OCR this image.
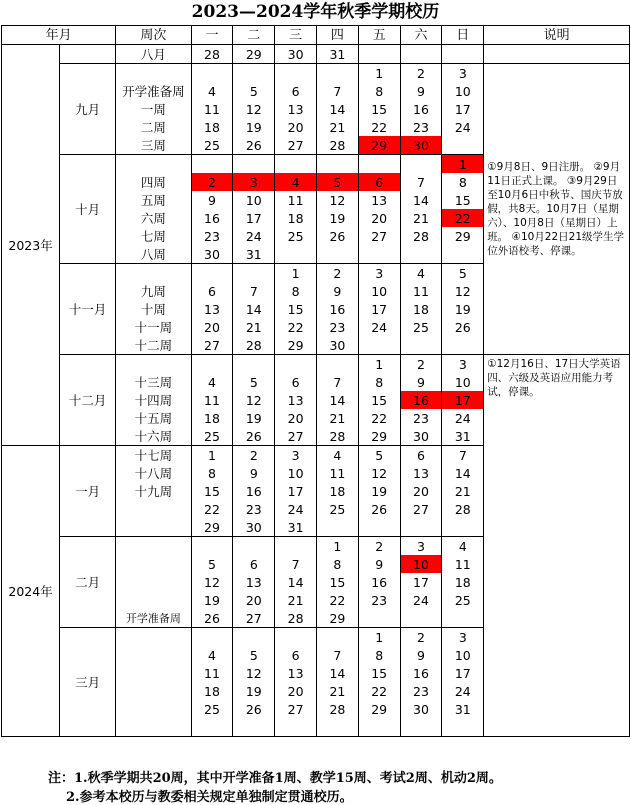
2023—2024学年秋季学期校历
年月		周次	一	二	三	四	五	六	日	说明
2023年		八月	28	29	30	31				
	九月						1	2	3	①9月8日、9日注册。 ②9月11日正式上课。 ③9月29日至10月6日中秋节、国庆节放假，共8天。10月7日（星期六）、10月8日（星期日）上班。 ④10月22日21级学生学位外语校考、停课。
		开学准备周	4	5	6	7	8	9	10	
		一周	11	12	13	14	15	16	17	
		二周	18	19	20	21	22	23	24	
		三周	25	26	27	28	29	30		
	十月								1	
		四周	2	3	4	5	6	7	8	
		五周	9	10	11	12	13	14	15	
		六周	16	17	18	19	20	21	22	
		七周	23	24	25	26	27	28	29	
		八周	30	31						
	十一月				1	2	3	4	5	
		九周	6	7	8	9	10	11	12	
		十周	13	14	15	16	17	18	19	
		十一周	20	21	22	23	24	25	26	
		十二周	27	28	29	30				
	十二月						1	2	3	①12月16日、17日大学英语四、六级及英语应用能力考试，停课。
		十三周	4	5	6	7	8	9	10	
		十四周	11	12	13	14	15	16	17	
		十五周	18	19	20	21	22	23	24	
		十六周	25	26	27	28	29	30	31	
2024年	一月	十七周	1	2	3	4	5	6	7	
		十八周	8	9	10	11	12	13	14	
		十九周	15	16	17	18	19	20	21	
			22	23	24	25	26	27	28	
			29	30	31					
	二月					1	2	3	4	
			5	6	7	8	9	10	11	
			12	13	14	15	16	17	18	
			19	20	21	22	23	24	25	
		开学准备周	26	27	28	29				
	三月						1	2	3	
			4	5	6	7	8	9	10	
			11	12	13	14	15	16	17	
			18	19	20	21	22	23	24	
			25	26	27	28	29	30	31	

注：1.秋季学期共20周，其中开学准备1周、教学15周、考试2周、机动2周。
2.参考本校历与教委相关规定单独制定贯通校历。
